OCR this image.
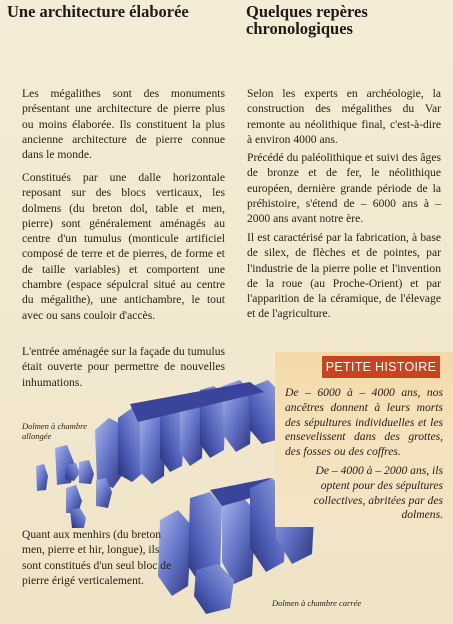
Une architecture élaborée	Quelques repères chronologiques

Les mégalithes sont des monuments présentant une architecture de pierre plus ou moins élaborée. Ils constituent la plus ancienne architecture de pierre connue dans le monde.

Constitués par une dalle horizontale reposant sur des blocs verticaux, les dolmens (du breton dol, table et men, pierre) sont généralement aménagés au centre d'un tumulus (monticule artificiel composé de terre et de pierres, de forme et de taille variables) et comportent une chambre (espace sépulcral situé au centre du mégalithe), une antichambre, le tout avec ou sans couloir d'accès.

L'entrée aménagée sur la façade du tumulus était ouverte pour permettre de nouvelles inhumations.

Selon les experts en archéologie, la construction des mégalithes du Var remonte au néolithique final, c'est-à-dire à environ 4000 ans.

Précédé du paléolithique et suivi des âges de bronze et de fer, le néolithique européen, dernière grande période de la préhistoire, s'étend de – 6000 ans à – 2000 ans avant notre ère.

Il est caractérisé par la fabrication, à base de silex, de flèches et de pointes, par l'industrie de la pierre polie et l'invention de la roue (au Proche-Orient) et par l'apparition de la céramique, de l'élevage et de l'agriculture.

PETITE HISTOIRE

De – 6000 à – 4000 ans, nos ancêtres donnent à leurs morts des sépultures individuelles et les ensevelissent dans des grottes, des fosses ou des coffres.

De – 4000 à – 2000 ans, ils optent pour des sépultures collectives, abritées par des dolmens.

Dolmen à chambre allongée
Dolmen à chambre carrée

Quant aux menhirs (du breton men, pierre et hir, longue), ils sont constitués d'un seul bloc de pierre érigé verticalement.
